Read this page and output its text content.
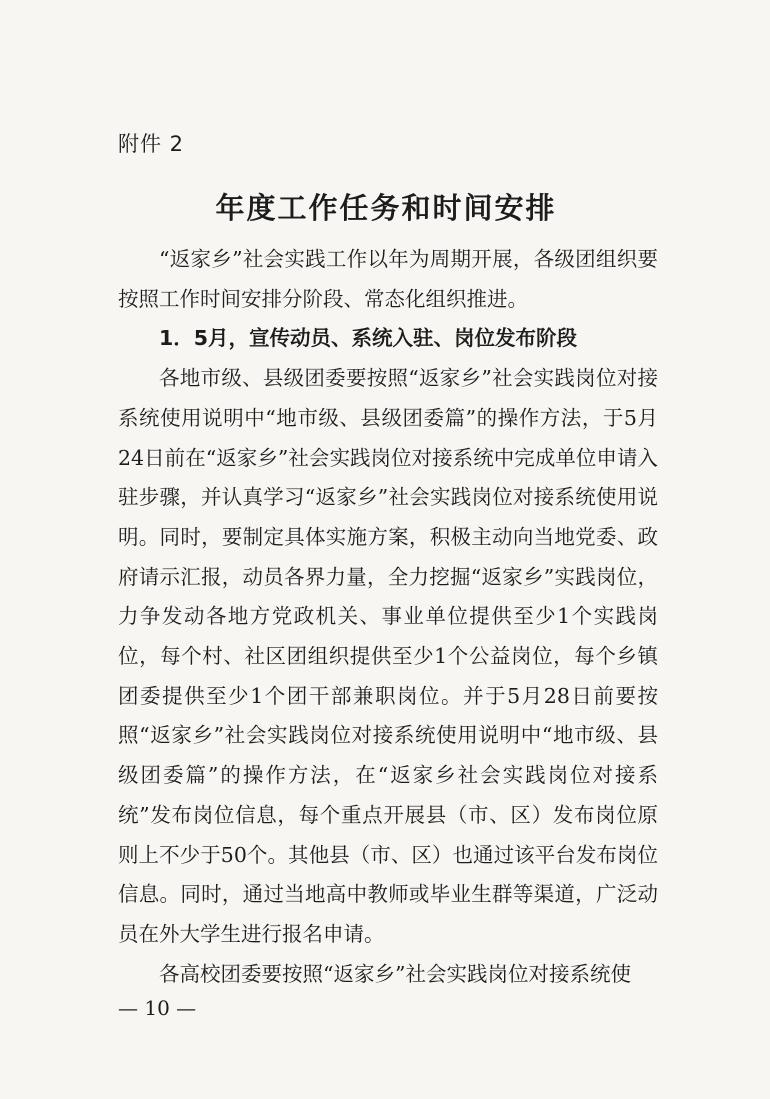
附件 2

年度工作任务和时间安排

“返家乡”社会实践工作以年为周期开展，各级团组织要按照工作时间安排分阶段、常态化组织推进。

1．5月，宣传动员、系统入驻、岗位发布阶段

各地市级、县级团委要按照“返家乡”社会实践岗位对接系统使用说明中“地市级、县级团委篇”的操作方法，于5月24日前在“返家乡”社会实践岗位对接系统中完成单位申请入驻步骤，并认真学习“返家乡”社会实践岗位对接系统使用说明。同时，要制定具体实施方案，积极主动向当地党委、政府请示汇报，动员各界力量，全力挖掘“返家乡”实践岗位，力争发动各地方党政机关、事业单位提供至少1个实践岗位，每个村、社区团组织提供至少1个公益岗位，每个乡镇团委提供至少1个团干部兼职岗位。并于5月28日前要按照“返家乡”社会实践岗位对接系统使用说明中“地市级、县级团委篇”的操作方法，在“返家乡社会实践岗位对接系统”发布岗位信息，每个重点开展县（市、区）发布岗位原则上不少于50个。其他县（市、区）也通过该平台发布岗位信息。同时，通过当地高中教师或毕业生群等渠道，广泛动员在外大学生进行报名申请。

各高校团委要按照“返家乡”社会实践岗位对接系统使

— 10 —
